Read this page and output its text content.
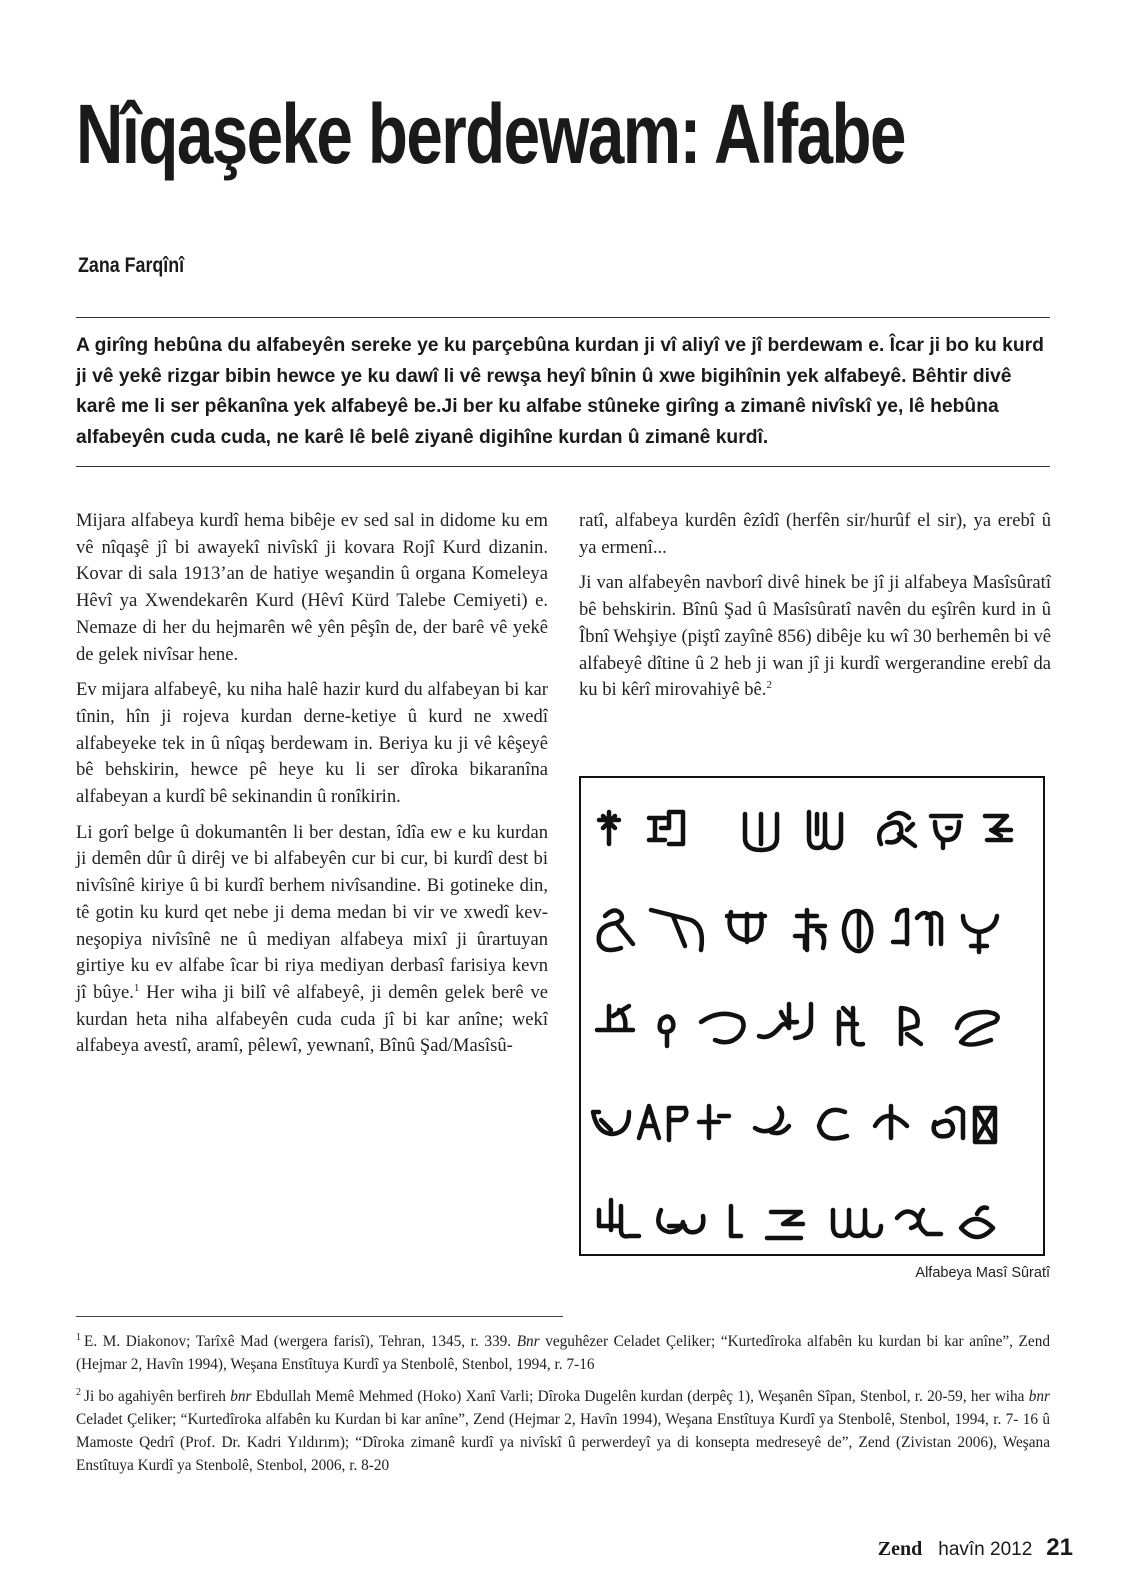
Nîqaşeke berdewam: Alfabe
Zana Farqînî

A girîng hebûna du alfabeyên sereke ye ku parçebûna kurdan ji vî aliyî ve jî berdewam e. Îcar ji bo ku kurd ji vê yekê rizgar bibin hewce ye ku dawî li vê rewşa heyî bînin û xwe bigihînin yek alfabeyê. Bêhtir divê karê me li ser pêkanîna yek alfabeyê be.Ji ber ku alfabe stûneke girîng a zimanê nivîskî ye, lê hebûna alfabeyên cuda cuda, ne karê lê belê ziyanê digihîne kurdan û zimanê kurdî.

Mijara alfabeya kurdî hema bibêje ev sed sal in didome ku em vê nîqaşê jî bi awayekî nivîskî ji kovara Rojî Kurd dizanin. Kovar di sala 1913’an de hatiye weşandin û organa Komeleya Hêvî ya Xwendekarên Kurd (Hêvî Kürd Talebe Cemiyeti) e. Nemaze di her du hejmarên wê yên pêşîn de, der barê vê yekê de gelek nivîsar hene.

Ev mijara alfabeyê, ku niha halê hazir kurd du alfabeyan bi kar tînin, hîn ji rojeva kurdan derne-ketiye û kurd ne xwedî alfabeyeke tek in û nîqaş berdewam in. Beriya ku ji vê kêşeyê bê behskirin, hewce pê heye ku li ser dîroka bikaranîna alfabeyan a kurdî bê sekinandin û ronîkirin.

Li gorî belge û dokumantên li ber destan, îdîa ew e ku kurdan ji demên dûr û dirêj ve bi alfabeyên cur bi cur, bi kurdî dest bi nivîsînê kiriye û bi kurdî berhem nivîsandine. Bi gotineke din, tê gotin ku kurd qet nebe ji dema medan bi vir ve xwedî kev-neşopiya nivîsînê ne û mediyan alfabeya mixî ji ûrartuyan girtiye ku ev alfabe îcar bi riya mediyan derbasî farisiya kevn jî bûye.$^1$ Her wiha ji bilî vê alfabeyê, ji demên gelek berê ve kurdan heta niha alfabeyên cuda cuda jî bi kar anîne; wekî alfabeya avestî, aramî, pêlewî, yewnanî, Bînû Şad/Masîsû-

ratî, alfabeya kurdên êzîdî (herfên sir/hurûf el sir), ya erebî û ya ermenî...

Ji van alfabeyên navborî divê hinek be jî ji alfabeya Masîsûratî bê behskirin. Bînû Şad û Masîsûratî navên du eşîrên kurd in û Îbnî Wehşiye (piştî zayînê 856) dibêje ku wî 30 berhemên bi vê alfabeyê dîtine û 2 heb ji wan jî ji kurdî wergerandine erebî da ku bi kêrî mirovahiyê bê.$^2$

Alfabeya Masî Sûratî

$^1$ E. M. Diakonov; Tarîxê Mad (wergera farisî), Tehran, 1345, r. 339. Bnr veguhêzer Celadet Çeliker; “Kurtedîroka alfabên ku kurdan bi kar anîne”, Zend (Hejmar 2, Havîn 1994), Weşana Enstîtuya Kurdî ya Stenbolê, Stenbol, 1994, r. 7-16

$^2$ Ji bo agahiyên berfireh bnr Ebdullah Memê Mehmed (Hoko) Xanî Varli; Dîroka Dugelên kurdan (derpêç 1), Weşanên Sîpan, Stenbol, r. 20-59, her wiha bnr Celadet Çeliker; “Kurtedîroka alfabên ku Kurdan bi kar anîne”, Zend (Hejmar 2, Havîn 1994), Weşana Enstîtuya Kurdî ya Stenbolê, Stenbol, 1994, r. 7- 16 û Mamoste Qedrî (Prof. Dr. Kadri Yıldırım); “Dîroka zimanê kurdî ya nivîskî û perwerdeyî ya di konsepta medreseyê de”, Zend (Zivistan 2006), Weşana Enstîtuya Kurdî ya Stenbolê, Stenbol, 2006, r. 8-20

Zend havîn 2012 21
